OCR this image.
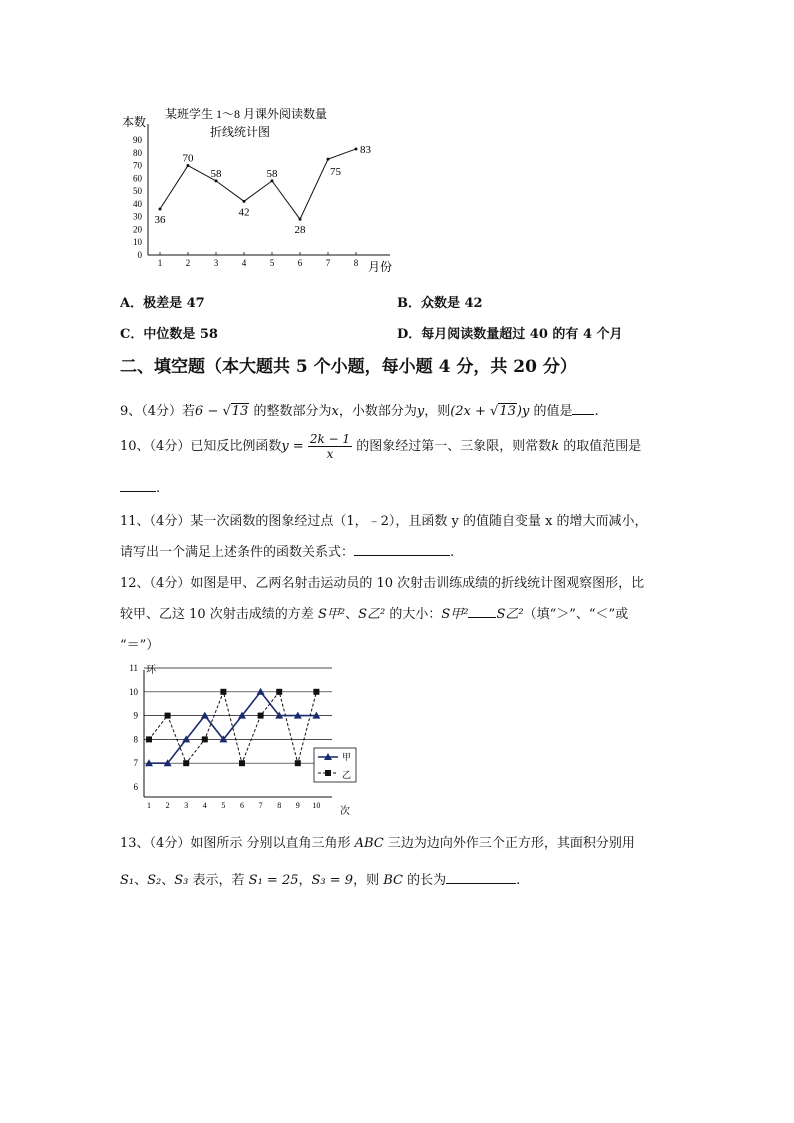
某班学生 1～8 月课外阅读数量
折线统计图
本数
月份
0
10
20
30
40
50
60
70
80
90
1	2	3	4	5	6	7	8
36
70
58
42
58
28
75
83
A．极差是 47	B．众数是 42
C．中位数是 58	D．每月阅读数量超过 40 的有 4 个月
二、填空题（本大题共 5 个小题，每小题 4 分，共 20 分）
9、（4分）若6 − √13 的整数部分为x，小数部分为y，则(2x + √13)y 的值是 .
10、（4分）已知反比例函数$y = \frac{2k - 1}{x}$ 的图象经过第一、三象限，则常数k 的取值范围是
.
11、（4分）某一次函数的图象经过点（1，﹣2），且函数 y 的值随自变量 x 的增大而减小，
请写出一个满足上述条件的函数关系式：	.
12、（4分）如图是甲、乙两名射击运动员的 10 次射击训练成绩的折线统计图观察图形，比
较甲、乙这 10 次射击成绩的方差 S甲²、S乙² 的大小：S甲² S乙²（填“＞”、“＜”或
“＝”）
环
次
6
7
8
9
10
11
1 2 3 4 5 6 7 8 9 10
甲
乙
13、（4分）如图所示 分别以直角三角形 ABC 三边为边向外作三个正方形，其面积分别用
S₁、S₂、S₃ 表示，若 S₁ = 25，S₃ = 9，则 BC 的长为	.
